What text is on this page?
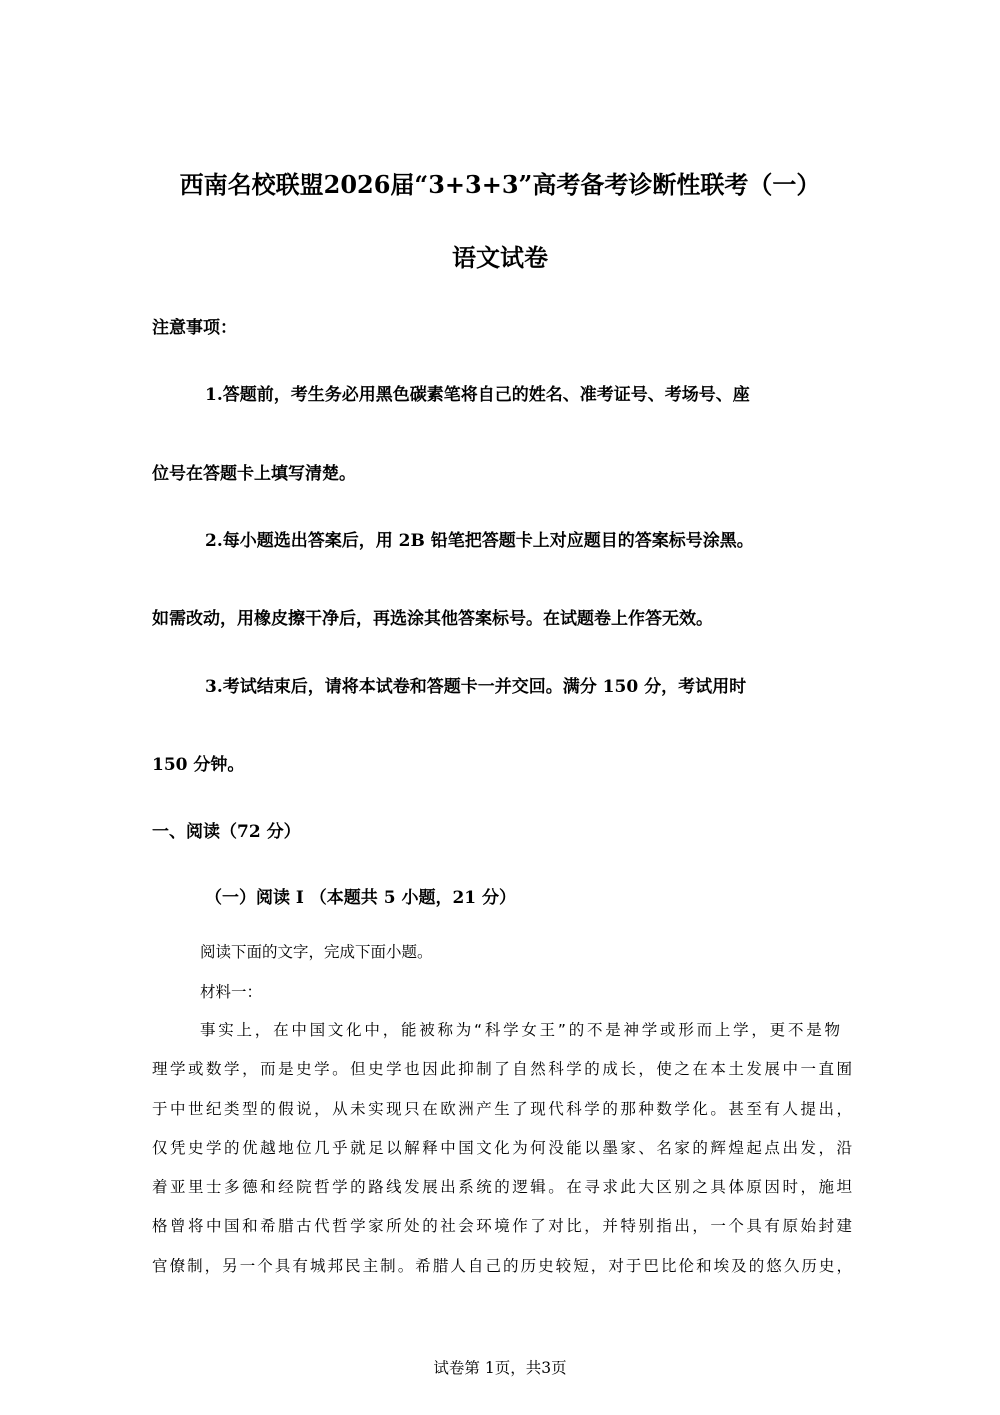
西南名校联盟2026届“3+3+3”高考备考诊断性联考（一）
语文试卷
注意事项：
1.答题前，考生务必用黑色碳素笔将自己的姓名、准考证号、考场号、座
位号在答题卡上填写清楚。
2.每小题选出答案后，用 2B 铅笔把答题卡上对应题目的答案标号涂黑。
如需改动，用橡皮擦干净后，再选涂其他答案标号。在试题卷上作答无效。
3.考试结束后，请将本试卷和答题卡一并交回。满分 150 分，考试用时
150 分钟。
一、阅读（72 分）
（一）阅读 I （本题共 5 小题，21 分）
阅读下面的文字，完成下面小题。
材料一：
事实上，在中国文化中，能被称为“科学女王”的不是神学或形而上学，更不是物
理学或数学，而是史学。但史学也因此抑制了自然科学的成长，使之在本土发展中一直囿
于中世纪类型的假说，从未实现只在欧洲产生了现代科学的那种数学化。甚至有人提出，
仅凭史学的优越地位几乎就足以解释中国文化为何没能以墨家、名家的辉煌起点出发，沿
着亚里士多德和经院哲学的路线发展出系统的逻辑。在寻求此大区别之具体原因时，施坦
格曾将中国和希腊古代哲学家所处的社会环境作了对比，并特别指出，一个具有原始封建
官僚制，另一个具有城邦民主制。希腊人自己的历史较短，对于巴比伦和埃及的悠久历史，
试卷第 1页，共3页
